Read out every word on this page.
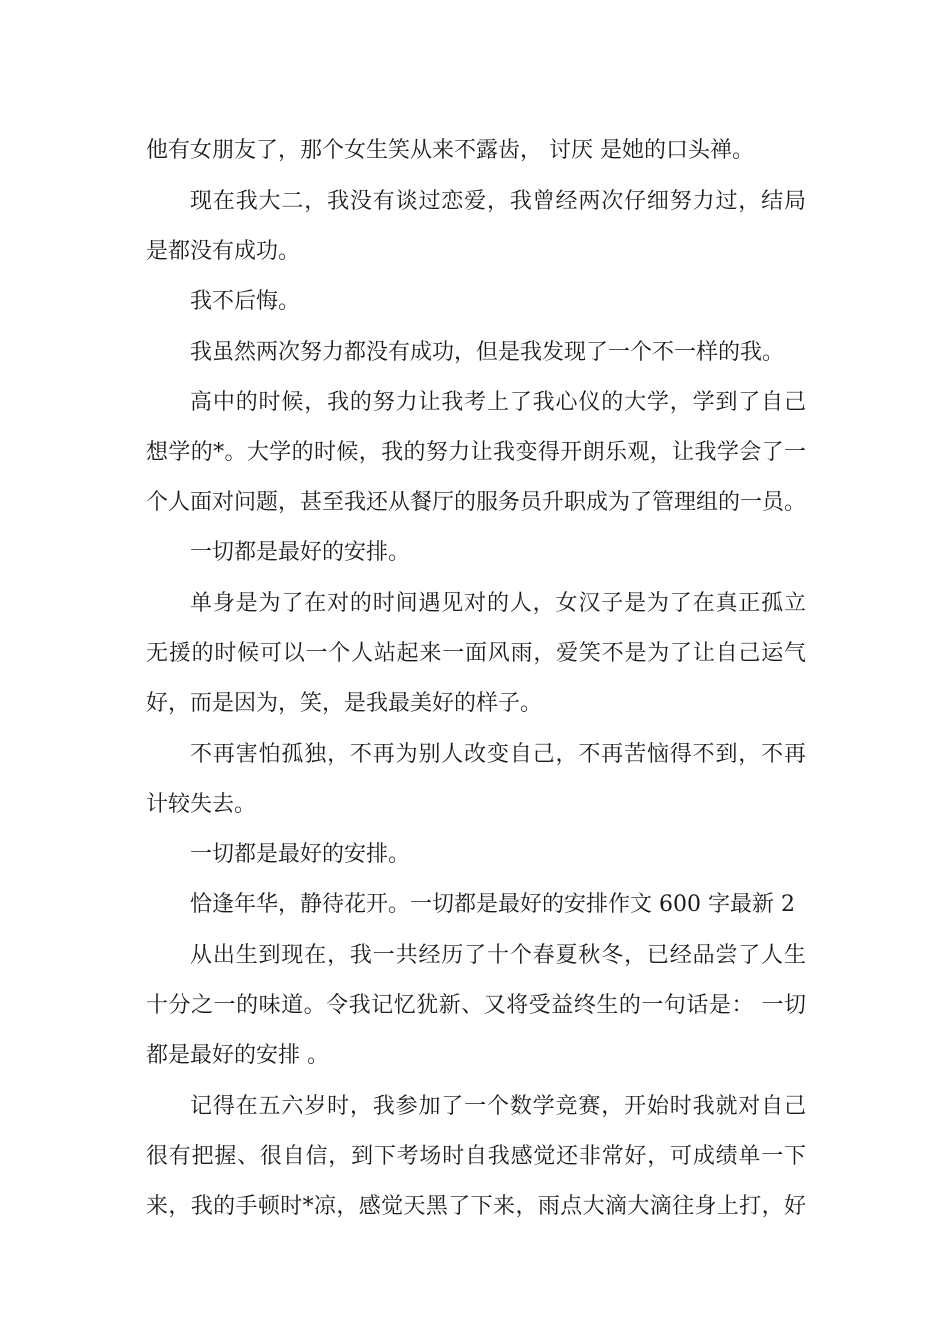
他有女朋友了，那个女生笑从来不露齿， 讨厌 是她的口头禅。
现在我大二，我没有谈过恋爱，我曾经两次仔细努力过，结局
是都没有成功。
我不后悔。
我虽然两次努力都没有成功，但是我发现了一个不一样的我。
高中的时候，我的努力让我考上了我心仪的大学，学到了自己
想学的*。大学的时候，我的努力让我变得开朗乐观，让我学会了一
个人面对问题，甚至我还从餐厅的服务员升职成为了管理组的一员。
一切都是最好的安排。
单身是为了在对的时间遇见对的人，女汉子是为了在真正孤立
无援的时候可以一个人站起来一面风雨，爱笑不是为了让自己运气
好，而是因为，笑，是我最美好的样子。
不再害怕孤独，不再为别人改变自己，不再苦恼得不到，不再
计较失去。
一切都是最好的安排。
恰逢年华，静待花开。一切都是最好的安排作文 600 字最新 2
从出生到现在，我一共经历了十个春夏秋冬，已经品尝了人生
十分之一的味道。令我记忆犹新、又将受益终生的一句话是： 一切
都是最好的安排 。
记得在五六岁时，我参加了一个数学竞赛，开始时我就对自己
很有把握、很自信，到下考场时自我感觉还非常好，可成绩单一下
来，我的手顿时*凉，感觉天黑了下来，雨点大滴大滴往身上打，好
